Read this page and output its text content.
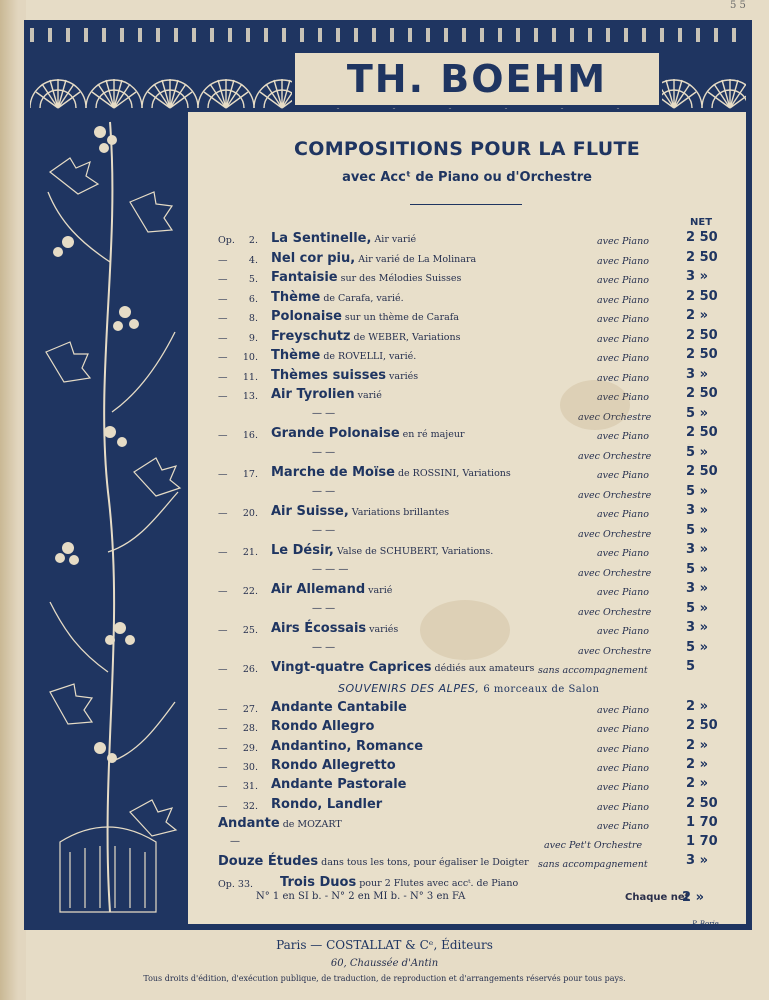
5 5
TH. BOEHM
COMPOSITIONS POUR LA FLUTE
avec Accᵗ de Piano ou d'Orchestre
NET
Op.	2. La Sentinelle, Air varié	avec Piano	2 50
—	4. Nel cor piu, Air varié de La Molinara	avec Piano	2 50
—	5. Fantaisie sur des Mélodies Suisses	avec Piano	3 »
—	6. Thème de Carafa, varié.	avec Piano	2 50
—	8. Polonaise sur un thème de Carafa	avec Piano	2 »
—	9. Freyschutz de WEBER, Variations	avec Piano	2 50
—	10. Thème de ROVELLI, varié.	avec Piano	2 50
—	11. Thèmes suisses variés	avec Piano	3 »
—	13. Air Tyrolien varié	avec Piano	2 50
— —	avec Orchestre	5 »
—	16. Grande Polonaise en ré majeur	avec Piano	2 50
— —	avec Orchestre	5 »
—	17. Marche de Moïse de ROSSINI, Variations	avec Piano	2 50
— —	avec Orchestre	5 »
—	20. Air Suisse, Variations brillantes	avec Piano	3 »
— —	avec Orchestre	5 »
—	21. Le Désir, Valse de SCHUBERT, Variations.	avec Piano	3 »
— — —	avec Orchestre	5 »
—	22. Air Allemand varié	avec Piano	3 »
— —	avec Orchestre	5 »
—	25. Airs Écossais variés	avec Piano	3 »
— —	avec Orchestre	5 »
—	26. Vingt-quatre Caprices dédiés aux amateurs sans accompagnement	5
—	27. Andante Cantabile	avec Piano	2 »
—	28. Rondo Allegro	avec Piano	2 50
—	29. Andantino, Romance	avec Piano	2 »
—	30. Rondo Allegretto	avec Piano	2 »
—	31. Andante Pastorale	avec Piano	2 »
—	32. Rondo, Landler	avec Piano	2 50
Andante de MOZART	avec Piano	1 70
—	avec Pet't Orchestre	1 70
Douze Études dans tous les tons, pour égaliser le Doigter sans accompagnement	3 »
SOUVENIRS DES ALPES, 6 morceaux de Salon
Op. 33. Trois Duos pour 2 Flutes avec accᵗ. de Piano
N° 1 en SI b. - N° 2 en MI b. - N° 3 en FA	Chaque net
2 »
P. Borie
Paris — COSTALLAT & Cᵉ, Éditeurs
60, Chaussée d'Antin
Tous droits d'édition, d'exécution publique, de traduction, de reproduction et d'arrangements réservés pour tous pays.
